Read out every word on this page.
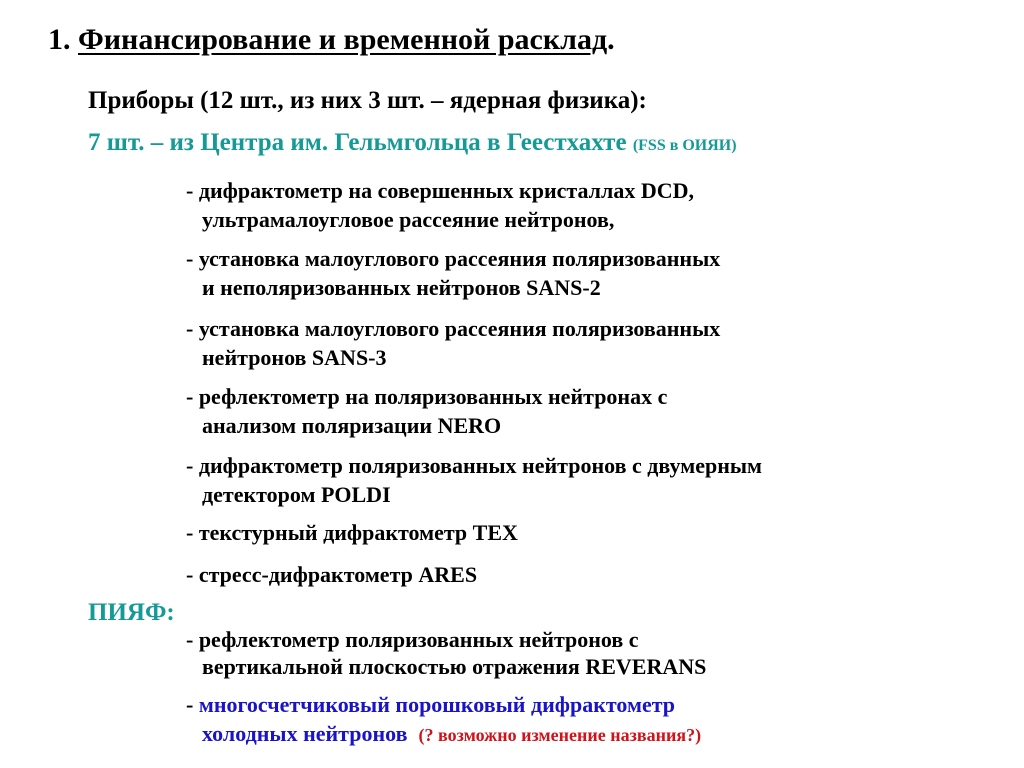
1. Финансирование и временной расклад.
Приборы (12 шт., из них 3 шт. – ядерная физика):
7 шт. – из Центра им. Гельмгольца в Геестхахте (FSS в ОИЯИ)
- дифрактометр на совершенных кристаллах DCD,
ультрамалоугловое рассеяние нейтронов,
- установка малоуглового рассеяния поляризованных
и неполяризованных нейтронов SANS-2
- установка малоуглового рассеяния поляризованных
нейтронов SANS-3
- рефлектометр на поляризованных нейтронах с
анализом поляризации NERO
- дифрактометр поляризованных нейтронов с двумерным
детектором POLDI
- текстурный дифрактометр TEX
- стресс-дифрактометр ARES
ПИЯФ:
- рефлектометр поляризованных нейтронов с
вертикальной плоскостью отражения REVERANS
- многосчетчиковый порошковый дифрактометр
холодных нейтронов (? возможно изменение названия?)
